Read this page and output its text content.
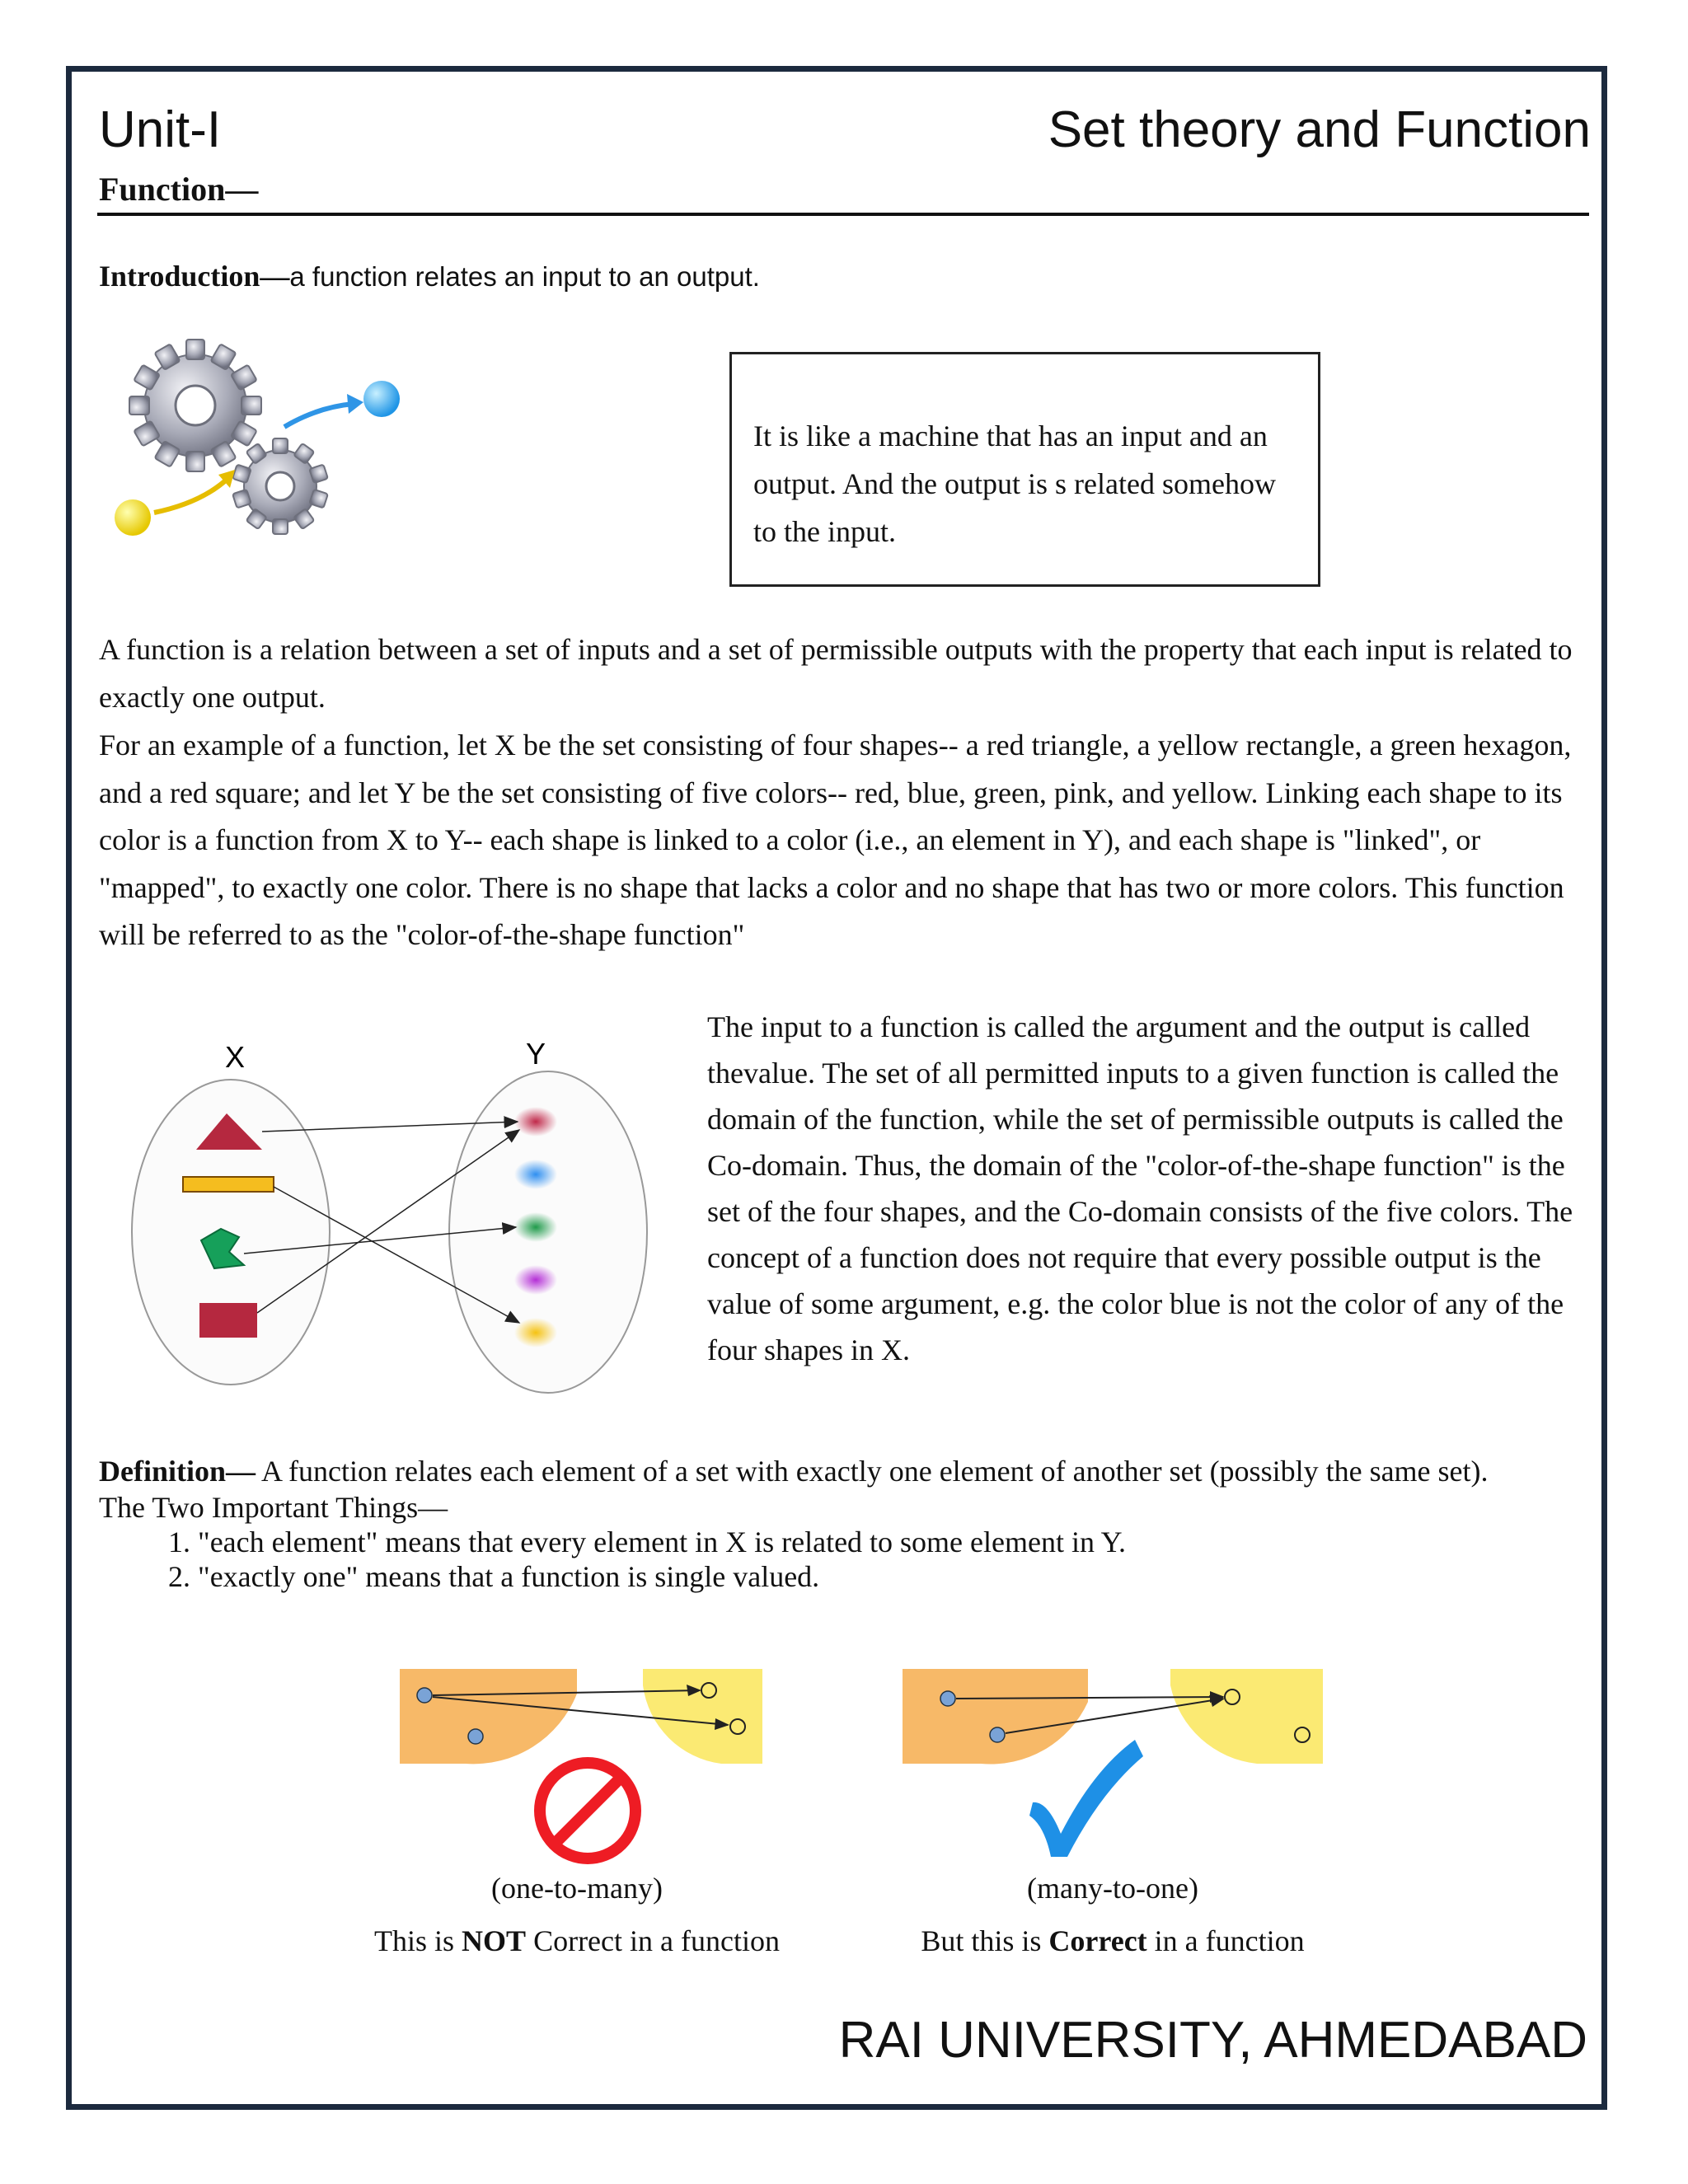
Unit-I	Set theory and Function
Function—
Introduction—a function relates an input to an output.
It is like a machine that has an input and an output. And the output is s related somehow to the input.
A function is a relation between a set of inputs and a set of permissible outputs with the property that each input is related to exactly one output.
For an example of a function, let X be the set consisting of four shapes-- a red triangle, a yellow rectangle, a green hexagon, and a red square; and let Y be the set consisting of five colors-- red, blue, green, pink, and yellow. Linking each shape to its color is a function from X to Y-- each shape is linked to a color (i.e., an element in Y), and each shape is "linked", or "mapped", to exactly one color. There is no shape that lacks a color and no shape that has two or more colors. This function will be referred to as the "color-of-the-shape function"
X	Y
The input to a function is called the argument and the output is called thevalue. The set of all permitted inputs to a given function is called the domain of the function, while the set of permissible outputs is called the Co-domain. Thus, the domain of the "color-of-the-shape function" is the set of the four shapes, and the Co-domain consists of the five colors. The concept of a function does not require that every possible output is the value of some argument, e.g. the color blue is not the color of any of the four shapes in X.
Definition— A function relates each element of a set with exactly one element of another set (possibly the same set).
The Two Important Things—
1. "each element" means that every element in X is related to some element in Y.
2. "exactly one" means that a function is single valued.
(one-to-many)
This is NOT Correct in a function
(many-to-one)
But this is Correct in a function
RAI UNIVERSITY, AHMEDABAD
